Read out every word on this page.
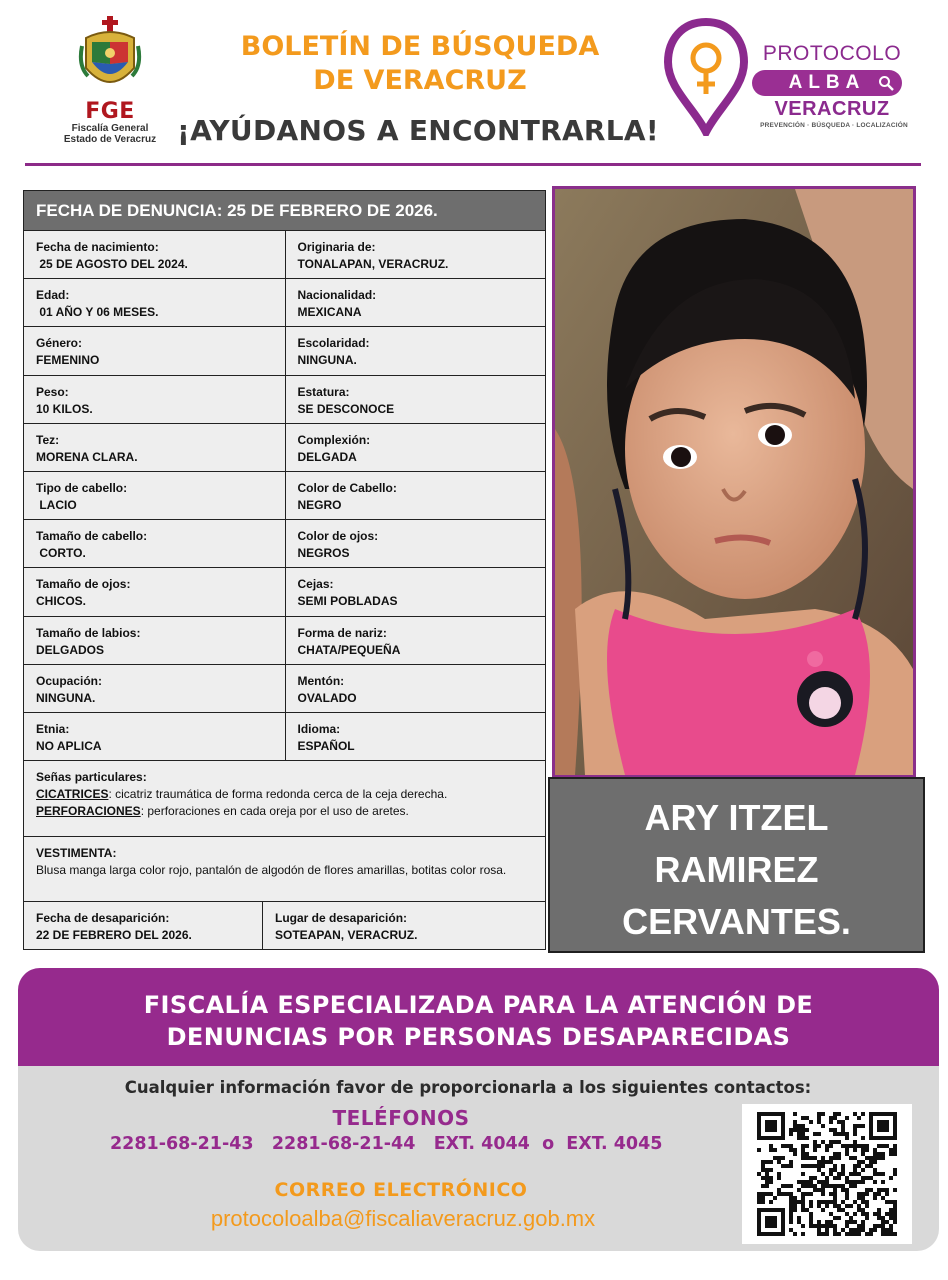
FGE
Fiscalía General
Estado de Veracruz
BOLETÍN DE BÚSQUEDA
DE VERACRUZ
¡AYÚDANOS A ENCONTRARLA!
PROTOCOLO
ALBA
VERACRUZ
PREVENCIÓN · BÚSQUEDA · LOCALIZACIÓN
FECHA DE DENUNCIA: 25 DE FEBRERO DE 2026.
Fecha de nacimiento:
25 DE AGOSTO DEL 2024.
Originaria de:
TONALAPAN, VERACRUZ.
Edad:
01 AÑO Y 06 MESES.
Nacionalidad:
MEXICANA
Género:
FEMENINO
Escolaridad:
NINGUNA.
Peso:
10 KILOS.
Estatura:
SE DESCONOCE
Tez:
MORENA CLARA.
Complexión:
DELGADA
Tipo de cabello:
LACIO
Color de Cabello:
NEGRO
Tamaño de cabello:
CORTO.
Color de ojos:
NEGROS
Tamaño de ojos:
CHICOS.
Cejas:
SEMI POBLADAS
Tamaño de labios:
DELGADOS
Forma de nariz:
CHATA/PEQUEÑA
Ocupación:
NINGUNA.
Mentón:
OVALADO
Etnia:
NO APLICA
Idioma:
ESPAÑOL
Señas particulares:
CICATRICES: cicatriz traumática de forma redonda cerca de la ceja derecha.
PERFORACIONES: perforaciones en cada oreja por el uso de aretes.
VESTIMENTA:
Blusa manga larga color rojo, pantalón de algodón de flores amarillas, botitas color rosa.
Fecha de desaparición:
22 DE FEBRERO DEL 2026.
Lugar de desaparición:
SOTEAPAN, VERACRUZ.
ARY ITZEL
RAMIREZ
CERVANTES.
FISCALÍA ESPECIALIZADA PARA LA ATENCIÓN DE
DENUNCIAS POR PERSONAS DESAPARECIDAS
Cualquier información favor de proporcionarla a los siguientes contactos:
TELÉFONOS
2281-68-21-43 2281-68-21-44 EXT. 4044 o EXT. 4045
CORREO ELECTRÓNICO
protocoloalba@fiscaliaveracruz.gob.mx
